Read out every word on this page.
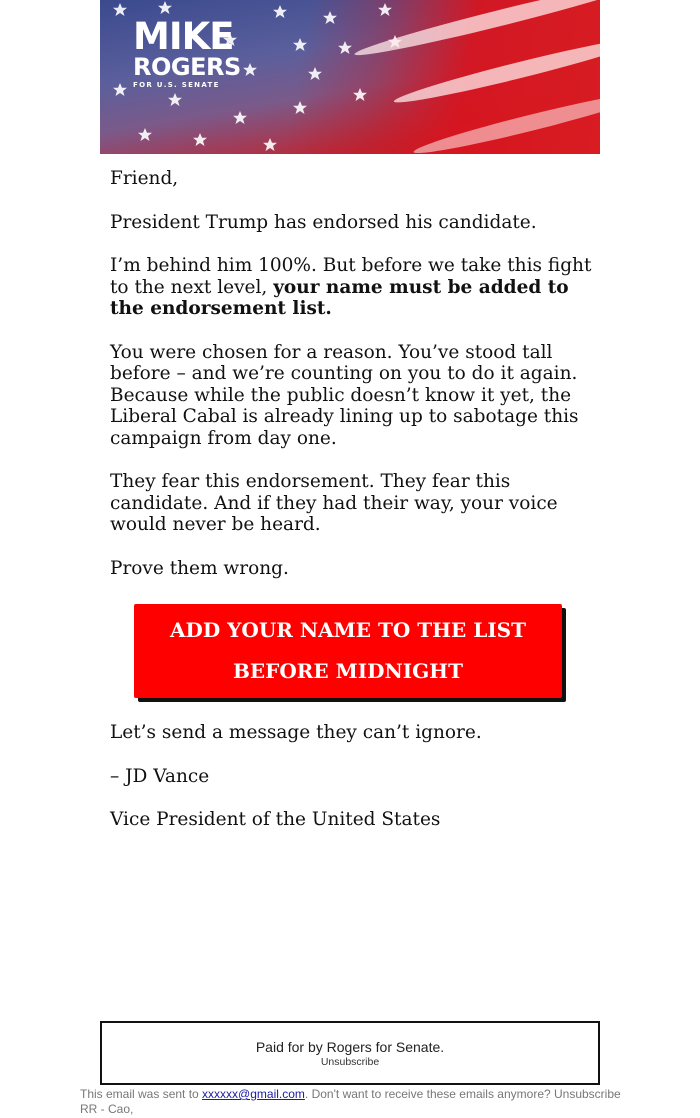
MIKE
ROGERS
FOR U.S. SENATE

Friend,

President Trump has endorsed his candidate.

I’m behind him 100%. But before we take this fight to the next level, your name must be added to the endorsement list.

You were chosen for a reason. You’ve stood tall before – and we’re counting on you to do it again. Because while the public doesn’t know it yet, the Liberal Cabal is already lining up to sabotage this campaign from day one.

They fear this endorsement. They fear this candidate. And if they had their way, your voice would never be heard.

Prove them wrong.

ADD YOUR NAME TO THE LIST
BEFORE MIDNIGHT

Let’s send a message they can’t ignore.

– JD Vance

Vice President of the United States

Paid for by Rogers for Senate.
Unsubscribe
This email was sent to xxxxxx@gmail.com. Don't want to receive these emails anymore? Unsubscribe
RR - Cao,
